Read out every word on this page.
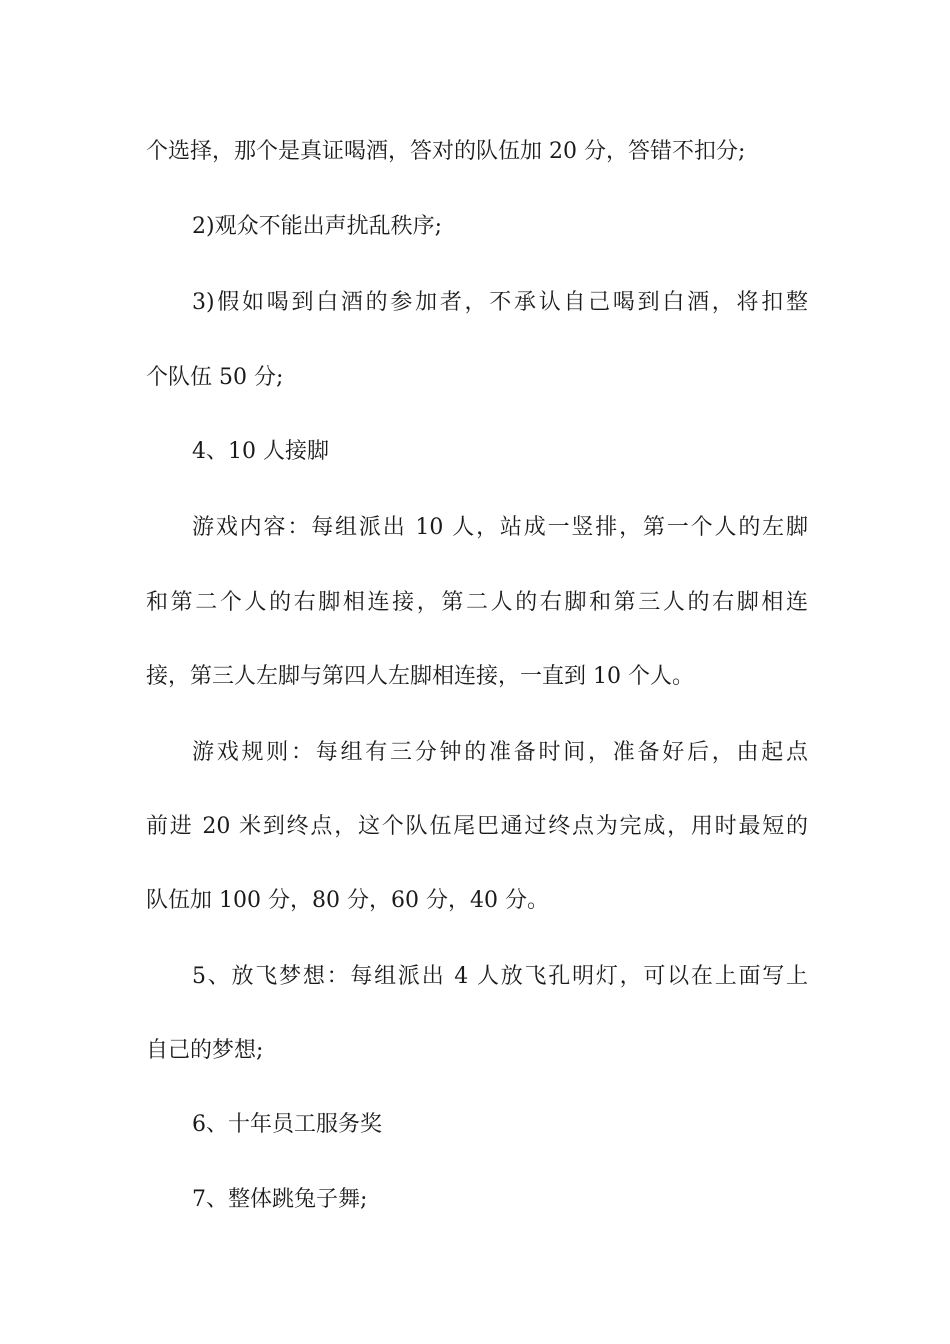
个选择，那个是真证喝酒，答对的队伍加 20 分，答错不扣分;
2)观众不能出声扰乱秩序;
3)假如喝到白酒的参加者，不承认自己喝到白酒，将扣整
个队伍 50 分;
4、10 人接脚
游戏内容：每组派出 10 人，站成一竖排，第一个人的左脚
和第二个人的右脚相连接，第二人的右脚和第三人的右脚相连
接，第三人左脚与第四人左脚相连接，一直到 10 个人。
游戏规则：每组有三分钟的准备时间，准备好后，由起点
前进 20 米到终点，这个队伍尾巴通过终点为完成，用时最短的
队伍加 100 分，80 分，60 分，40 分。
5、放飞梦想：每组派出 4 人放飞孔明灯，可以在上面写上
自己的梦想;
6、十年员工服务奖
7、整体跳兔子舞;
